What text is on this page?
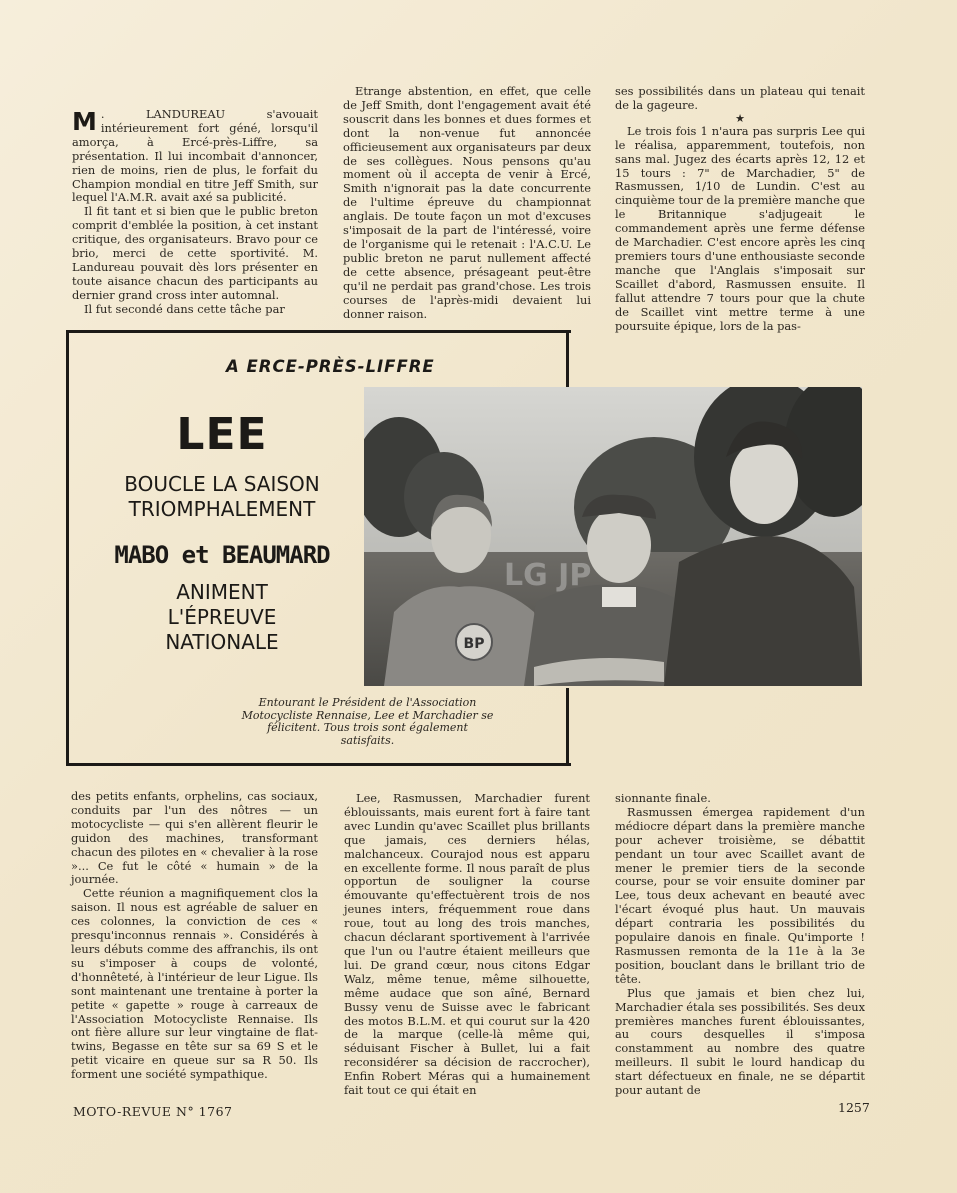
M . LANDUREAU s'avouait intérieurement fort géné, lorsqu'il amorça, à Ercé-près-Liffre, sa présentation. Il lui incombait d'annoncer, rien de moins, rien de plus, le forfait du Champion mondial en titre Jeff Smith, sur lequel l'A.M.R. avait axé sa publicité.

Il fit tant et si bien que le public breton comprit d'emblée la position, à cet instant critique, des organisateurs. Bravo pour ce brio, merci de cette sportivité. M. Landureau pouvait dès lors présenter en toute aisance chacun des participants au dernier grand cross inter automnal.

Il fut secondé dans cette tâche par

Etrange abstention, en effet, que celle de Jeff Smith, dont l'engagement avait été souscrit dans les bonnes et dues formes et dont la non-venue fut annoncée officieusement aux organisateurs par deux de ses collègues. Nous pensons qu'au moment où il accepta de venir à Ercé, Smith n'ignorait pas la date concurrente de l'ultime épreuve du championnat anglais. De toute façon un mot d'excuses s'imposait de la part de l'intéressé, voire de l'organisme qui le retenait : l'A.C.U. Le public breton ne parut nullement affecté de cette absence, présageant peut-être qu'il ne perdait pas grand'chose. Les trois courses de l'après-midi devaient lui donner raison.

ses possibilités dans un plateau qui tenait de la gageure.

★

Le trois fois 1 n'aura pas surpris Lee qui le réalisa, apparemment, toutefois, non sans mal. Jugez des écarts après 12, 12 et 15 tours : 7" de Marchadier, 5" de Rasmussen, 1/10 de Lundin. C'est au cinquième tour de la première manche que le Britannique s'adjugeait le commandement après une ferme défense de Marchadier. C'est encore après les cinq premiers tours d'une enthousiaste seconde manche que l'Anglais s'imposait sur Scaillet d'abord, Rasmussen ensuite. Il fallut attendre 7 tours pour que la chute de Scaillet vint mettre terme à une poursuite épique, lors de la pas-

A ERCE-PRÈS-LIFFRE
LEE
BOUCLE LA SAISON
TRIOMPHALEMENT
MABO et BEAUMARD
ANIMENT
L'ÉPREUVE
NATIONALE	BP
LG JP
Entourant le Président de l'Association Motocycliste Rennaise, Lee et Marchadier se félicitent. Tous trois sont également satisfaits.

des petits enfants, orphelins, cas sociaux, conduits par l'un des nôtres — un motocycliste — qui s'en allèrent fleurir le guidon des machines, transformant chacun des pilotes en « chevalier à la rose »... Ce fut le côté « humain » de la journée.

Cette réunion a magnifiquement clos la saison. Il nous est agréable de saluer en ces colonnes, la conviction de ces « presqu'inconnus rennais ». Considérés à leurs débuts comme des affranchis, ils ont su s'imposer à coups de volonté, d'honnêteté, à l'intérieur de leur Ligue. Ils sont maintenant une trentaine à porter la petite « gapette » rouge à carreaux de l'Association Motocycliste Rennaise. Ils ont fière allure sur leur vingtaine de flat-twins, Begasse en tête sur sa 69 S et le petit vicaire en queue sur sa R 50. Ils forment une société sympathique.

Lee, Rasmussen, Marchadier furent éblouissants, mais eurent fort à faire tant avec Lundin qu'avec Scaillet plus brillants que jamais, ces derniers hélas, malchanceux. Courajod nous est apparu en excellente forme. Il nous paraît de plus opportun de souligner la course émouvante qu'effectuèrent trois de nos jeunes inters, fréquemment roue dans roue, tout au long des trois manches, chacun déclarant sportivement à l'arrivée que l'un ou l'autre étaient meilleurs que lui. De grand cœur, nous citons Edgar Walz, même tenue, même silhouette, même audace que son aîné, Bernard Bussy venu de Suisse avec le fabricant des motos B.L.M. et qui courut sur la 420 de la marque (celle-là même qui, séduisant Fischer à Bullet, lui a fait reconsidérer sa décision de raccrocher), Enfin Robert Méras qui a humainement fait tout ce qui était en

sionnante finale.

Rasmussen émergea rapidement d'un médiocre départ dans la première manche pour achever troisième, se débattit pendant un tour avec Scaillet avant de mener le premier tiers de la seconde course, pour se voir ensuite dominer par Lee, tous deux achevant en beauté avec l'écart évoqué plus haut. Un mauvais départ contraria les possibilités du populaire danois en finale. Qu'importe ! Rasmussen remonta de la 11e à la 3e position, bouclant dans le brillant trio de tête.

Plus que jamais et bien chez lui, Marchadier étala ses possibilités. Ses deux premières manches furent éblouissantes, au cours desquelles il s'imposa constamment au nombre des quatre meilleurs. Il subit le lourd handicap du start défectueux en finale, ne se départit pour autant de

MOTO-REVUE N° 1767	1257
